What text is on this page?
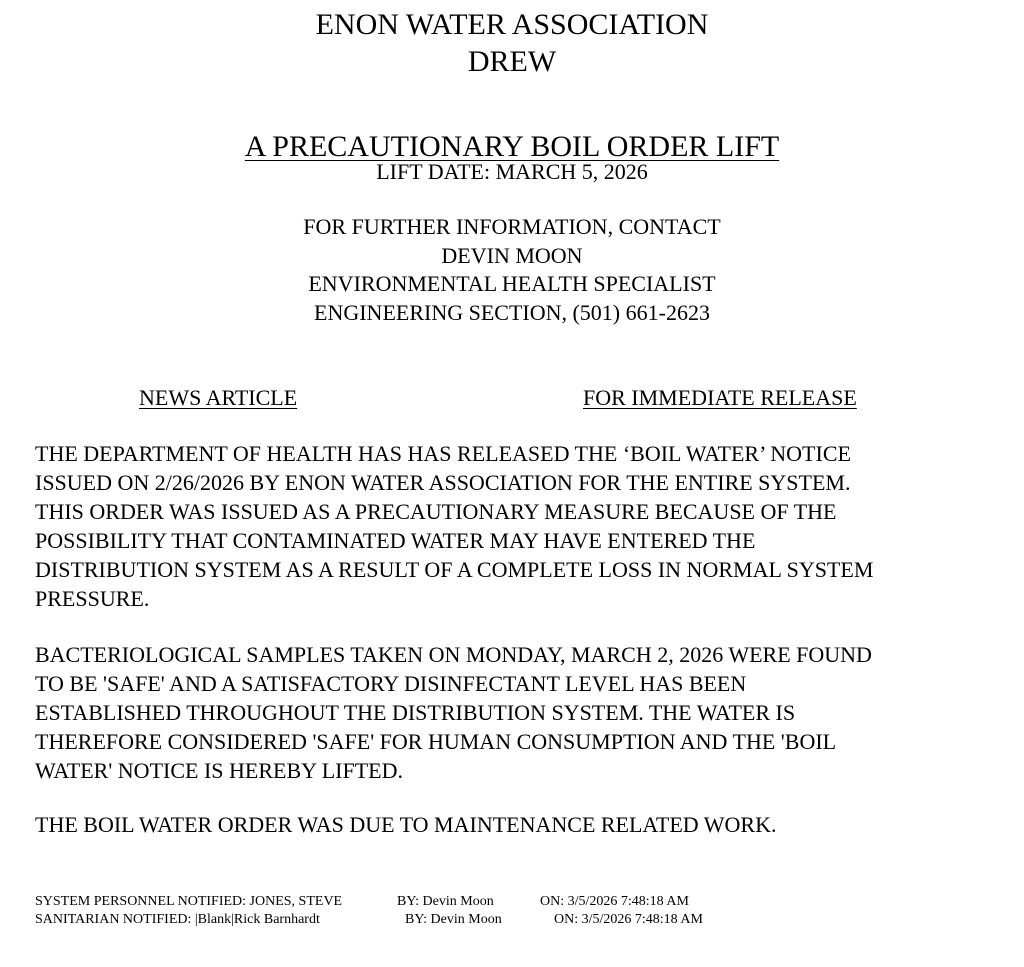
ENON WATER ASSOCIATION
DREW
A PRECAUTIONARY BOIL ORDER LIFT
LIFT DATE: MARCH 5, 2026
FOR FURTHER INFORMATION, CONTACT
DEVIN MOON
ENVIRONMENTAL HEALTH SPECIALIST
ENGINEERING SECTION, (501) 661-2623
NEWS ARTICLE	FOR IMMEDIATE RELEASE
THE DEPARTMENT OF HEALTH HAS HAS RELEASED THE ‘BOIL WATER’ NOTICE
ISSUED ON 2/26/2026 BY ENON WATER ASSOCIATION FOR THE ENTIRE SYSTEM.
THIS ORDER WAS ISSUED AS A PRECAUTIONARY MEASURE BECAUSE OF THE
POSSIBILITY THAT CONTAMINATED WATER MAY HAVE ENTERED THE
DISTRIBUTION SYSTEM AS A RESULT OF A COMPLETE LOSS IN NORMAL SYSTEM
PRESSURE.
BACTERIOLOGICAL SAMPLES TAKEN ON MONDAY, MARCH 2, 2026 WERE FOUND
TO BE 'SAFE' AND A SATISFACTORY DISINFECTANT LEVEL HAS BEEN
ESTABLISHED THROUGHOUT THE DISTRIBUTION SYSTEM. THE WATER IS
THEREFORE CONSIDERED 'SAFE' FOR HUMAN CONSUMPTION AND THE 'BOIL
WATER' NOTICE IS HEREBY LIFTED.
THE BOIL WATER ORDER WAS DUE TO MAINTENANCE RELATED WORK.
SYSTEM PERSONNEL NOTIFIED: JONES, STEVE	BY: Devin Moon	ON: 3/5/2026 7:48:18 AM
SANITARIAN NOTIFIED: |Blank|Rick Barnhardt	BY: Devin Moon	ON: 3/5/2026 7:48:18 AM
